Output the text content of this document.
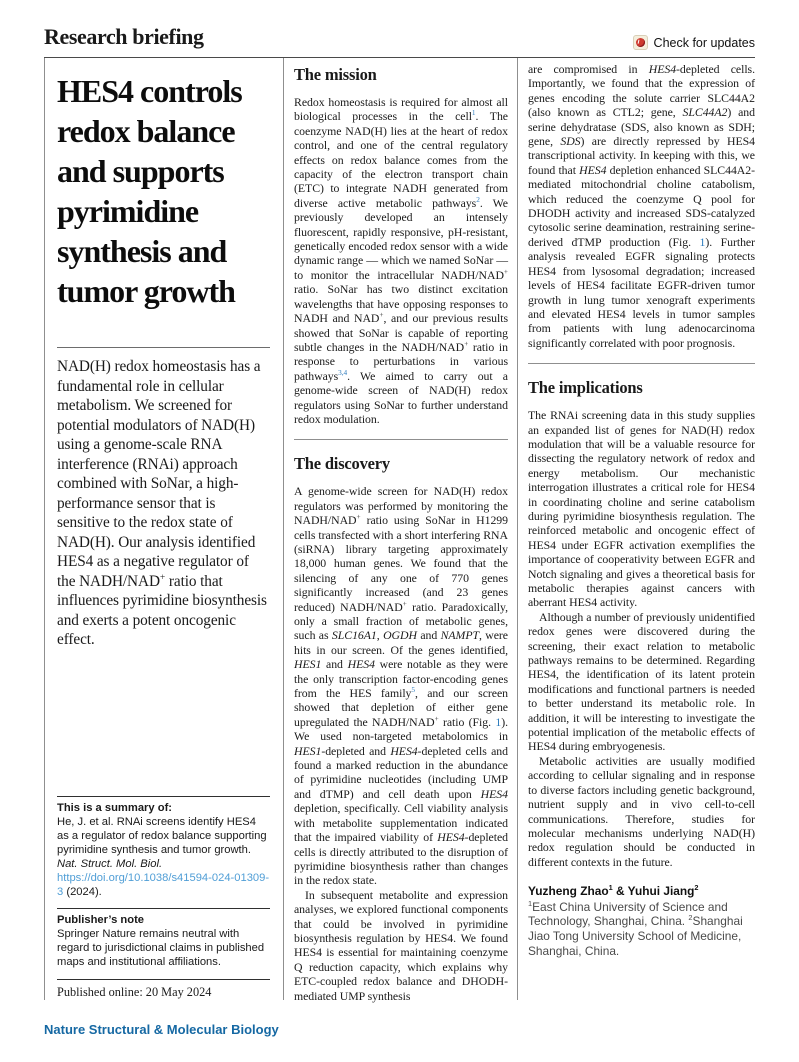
Research briefing	Check for updates
HES4 controls
redox balance
and supports
pyrimidine
synthesis and
tumor growth
NAD(H) redox homeostasis has a fundamental role in cellular metabolism. We screened for potential modulators of NAD(H) using a genome-scale RNA interference (RNAi) approach combined with SoNar, a high-performance sensor that is sensitive to the redox state of NAD(H). Our analysis identified HES4 as a negative regulator of the NADH/NAD+ ratio that influences pyrimidine biosynthesis and exerts a potent oncogenic effect.
This is a summary of:
He, J. et al. RNAi screens identify HES4 as a regulator of redox balance supporting pyrimidine synthesis and tumor growth. Nat. Struct. Mol. Biol. https://doi.org/10.1038/s41594-024-01309-3 (2024).
Publisher’s note
Springer Nature remains neutral with regard to jurisdictional claims in published maps and institutional affiliations.
Published online: 20 May 2024
The mission
Redox homeostasis is required for almost all biological processes in the cell$^1$. The coenzyme NAD(H) lies at the heart of redox control, and one of the central regulatory effects on redox balance comes from the capacity of the electron transport chain (ETC) to integrate NADH generated from diverse active metabolic pathways$^2$. We previously developed an intensely fluorescent, rapidly responsive, pH-resistant, genetically encoded redox sensor with a wide dynamic range — which we named SoNar — to monitor the intracellular NADH/NAD+ ratio. SoNar has two distinct excitation wavelengths that have opposing responses to NADH and NAD+, and our previous results showed that SoNar is capable of reporting subtle changes in the NADH/NAD+ ratio in response to perturbations in various pathways$^{3,4}$. We aimed to carry out a genome-wide screen of NAD(H) redox regulators using SoNar to further understand redox modulation.
The discovery

A genome-wide screen for NAD(H) redox regulators was performed by monitoring the NADH/NAD+ ratio using SoNar in H1299 cells transfected with a short interfering RNA (siRNA) library targeting approximately 18,000 human genes. We found that the silencing of any one of 770 genes significantly increased (and 23 genes reduced) NADH/NAD+ ratio. Paradoxically, only a small fraction of metabolic genes, such as SLC16A1, OGDH and NAMPT, were hits in our screen. Of the genes identified, HES1 and HES4 were notable as they were the only transcription factor-encoding genes from the HES family$^5$, and our screen showed that depletion of either gene upregulated the NADH/NAD+ ratio (Fig. 1). We used non-targeted metabolomics in HES1-depleted and HES4-depleted cells and found a marked reduction in the abundance of pyrimidine nucleotides (including UMP and dTMP) and cell death upon HES4 depletion, specifically. Cell viability analysis with metabolite supplementation indicated that the impaired viability of HES4-depleted cells is directly attributed to the disruption of pyrimidine biosynthesis rather than changes in the redox state.

In subsequent metabolite and expression analyses, we explored functional components that could be involved in pyrimidine biosynthesis regulation by HES4. We found HES4 is essential for maintaining coenzyme Q reduction capacity, which explains why ETC-coupled redox balance and DHODH-mediated UMP synthesis

are compromised in HES4-depleted cells. Importantly, we found that the expression of genes encoding the solute carrier SLC44A2 (also known as CTL2; gene, SLC44A2) and serine dehydratase (SDS, also known as SDH; gene, SDS) are directly repressed by HES4 transcriptional activity. In keeping with this, we found that HES4 depletion enhanced SLC44A2-mediated mitochondrial choline catabolism, which reduced the coenzyme Q pool for DHODH activity and increased SDS-catalyzed cytosolic serine deamination, restraining serine-derived dTMP production (Fig. 1). Further analysis revealed EGFR signaling protects HES4 from lysosomal degradation; increased levels of HES4 facilitate EGFR-driven tumor growth in lung tumor xenograft experiments and elevated HES4 levels in tumor samples from patients with lung adenocarcinoma significantly correlated with poor prognosis.
The implications

The RNAi screening data in this study supplies an expanded list of genes for NAD(H) redox modulation that will be a valuable resource for dissecting the regulatory network of redox and energy metabolism. Our mechanistic interrogation illustrates a critical role for HES4 in coordinating choline and serine catabolism during pyrimidine biosynthesis regulation. The reinforced metabolic and oncogenic effect of HES4 under EGFR activation exemplifies the importance of cooperativity between EGFR and Notch signaling and gives a theoretical basis for metabolic therapies against cancers with aberrant HES4 activity.

Although a number of previously unidentified redox genes were discovered during the screening, their exact relation to metabolic pathways remains to be determined. Regarding HES4, the identification of its latent protein modifications and functional partners is needed to better understand its metabolic role. In addition, it will be interesting to investigate the potential implication of the metabolic effects of HES4 during embryogenesis.

Metabolic activities are usually modified according to cellular signaling and in response to diverse factors including genetic background, nutrient supply and in vivo cell-to-cell communications. Therefore, studies for molecular mechanisms underlying NAD(H) redox regulation should be conducted in different contexts in the future.

Yuzheng Zhao$^1$ & Yuhui Jiang$^2$
$^1$East China University of Science and Technology, Shanghai, China. $^2$Shanghai Jiao Tong University School of Medicine, Shanghai, China.
Nature Structural & Molecular Biology
